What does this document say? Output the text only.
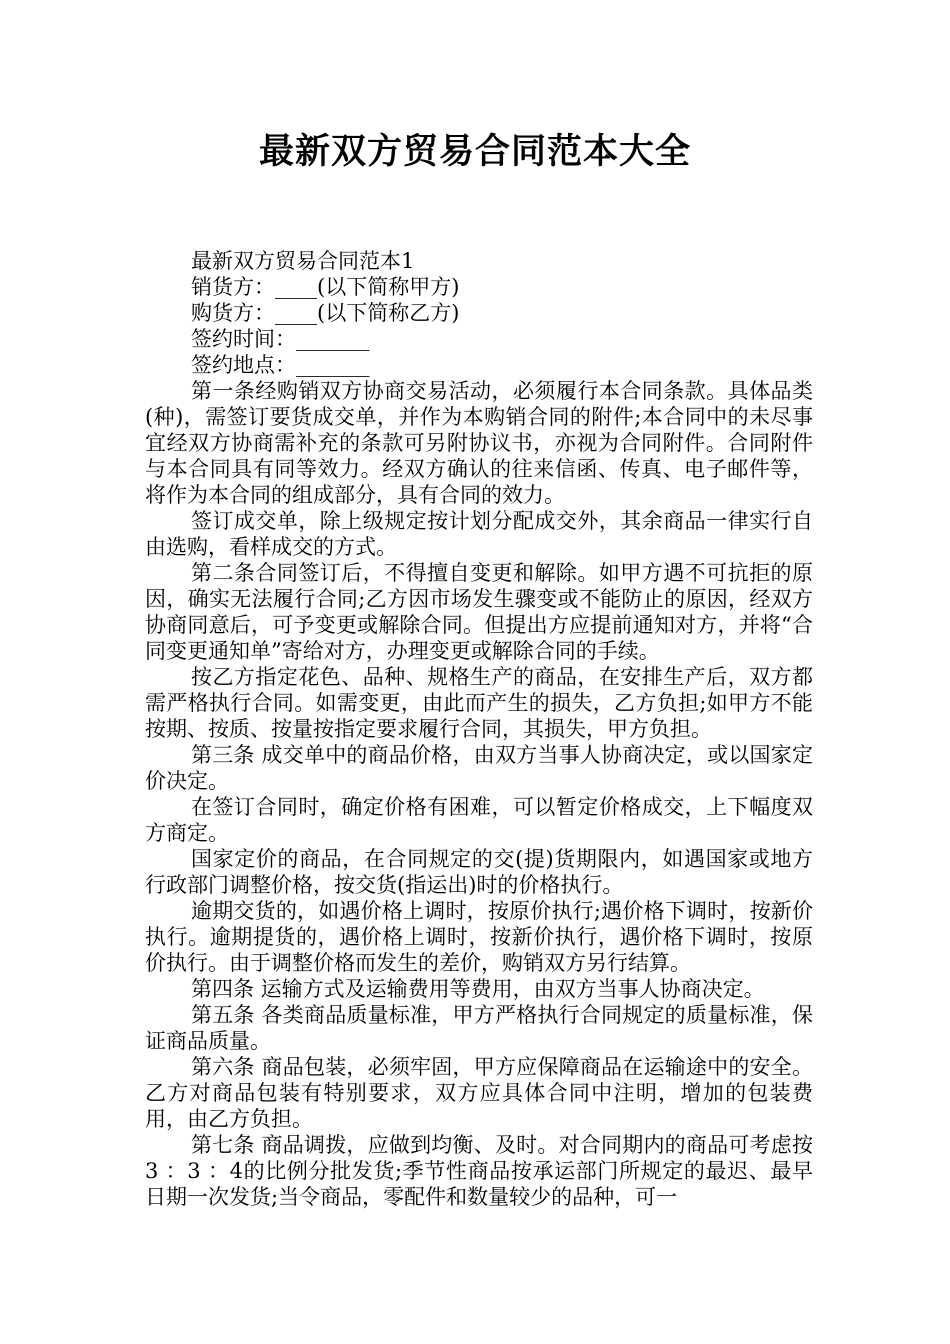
最新双方贸易合同范本大全

最新双方贸易合同范本1

销货方：____(以下简称甲方)

购货方：____(以下简称乙方)

签约时间：_______

签约地点：_______

第一条经购销双方协商交易活动，必须履行本合同条款。具体品类(种)，需签订要货成交单，并作为本购销合同的附件;本合同中的未尽事宜经双方协商需补充的条款可另附协议书，亦视为合同附件。合同附件与本合同具有同等效力。经双方确认的往来信函、传真、电子邮件等，将作为本合同的组成部分，具有合同的效力。

签订成交单，除上级规定按计划分配成交外，其余商品一律实行自由选购，看样成交的方式。

第二条合同签订后，不得擅自变更和解除。如甲方遇不可抗拒的原因，确实无法履行合同;乙方因市场发生骤变或不能防止的原因，经双方协商同意后，可予变更或解除合同。但提出方应提前通知对方，并将“合同变更通知单”寄给对方，办理变更或解除合同的手续。

按乙方指定花色、品种、规格生产的商品，在安排生产后，双方都需严格执行合同。如需变更，由此而产生的损失，乙方负担;如甲方不能按期、按质、按量按指定要求履行合同，其损失，甲方负担。

第三条 成交单中的商品价格，由双方当事人协商决定，或以国家定价决定。

在签订合同时，确定价格有困难，可以暂定价格成交，上下幅度双方商定。

国家定价的商品，在合同规定的交(提)货期限内，如遇国家或地方行政部门调整价格，按交货(指运出)时的价格执行。

逾期交货的，如遇价格上调时，按原价执行;遇价格下调时，按新价执行。逾期提货的，遇价格上调时，按新价执行，遇价格下调时，按原价执行。由于调整价格而发生的差价，购销双方另行结算。

第四条 运输方式及运输费用等费用，由双方当事人协商决定。

第五条 各类商品质量标准，甲方严格执行合同规定的质量标准，保证商品质量。

第六条 商品包装，必须牢固，甲方应保障商品在运输途中的安全。乙方对商品包装有特别要求，双方应具体合同中注明，增加的包装费用，由乙方负担。

第七条 商品调拨，应做到均衡、及时。对合同期内的商品可考虑按3 ：3 ：4的比例分批发货;季节性商品按承运部门所规定的最迟、最早日期一次发货;当令商品，零配件和数量较少的品种，可一
